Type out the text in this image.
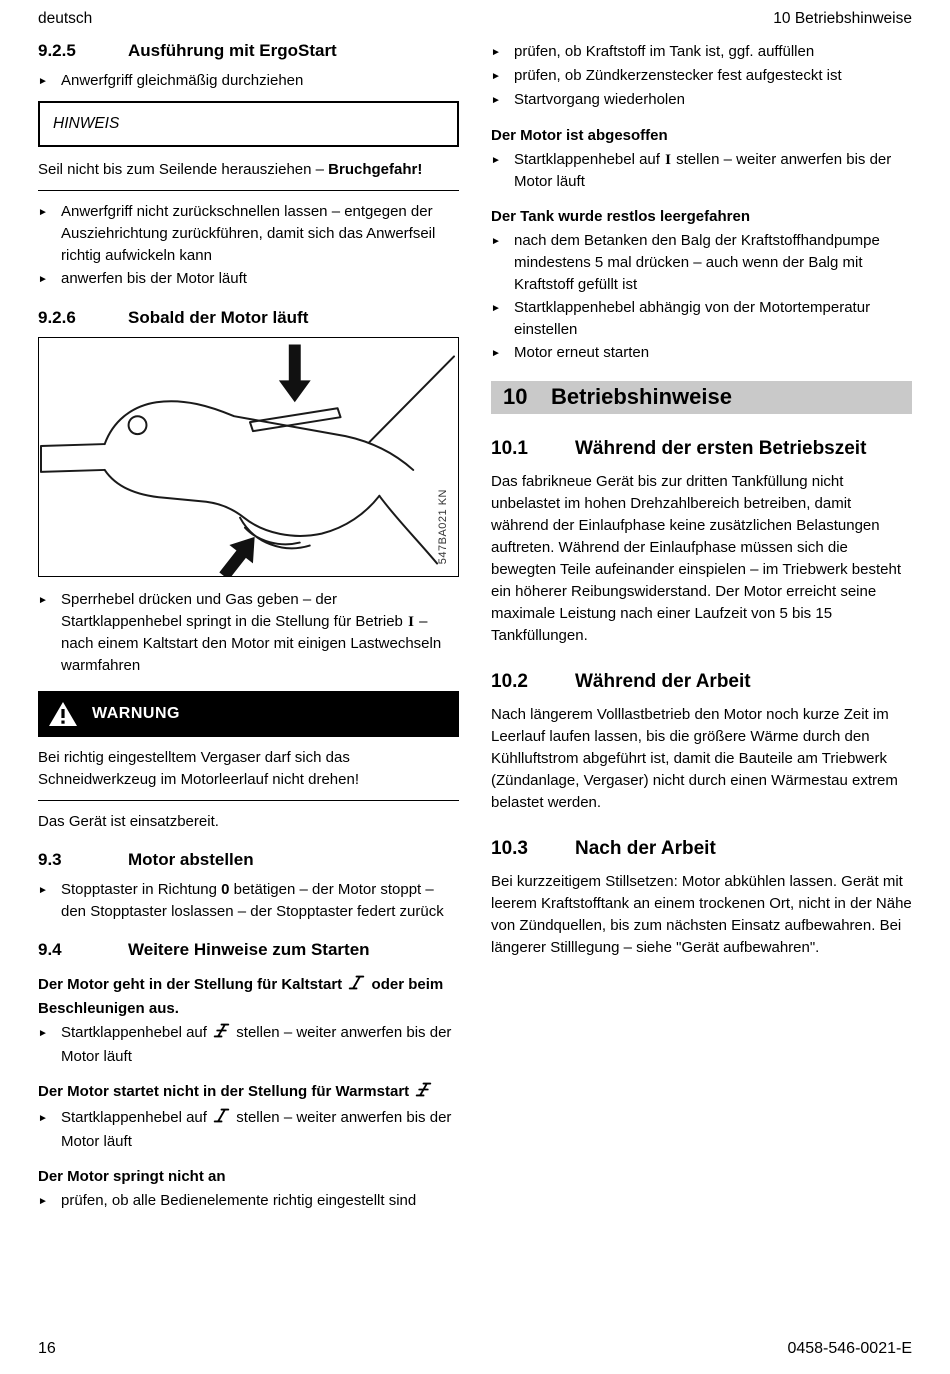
deutsch	10 Betriebshinweise
9.2.5	Ausführung mit ErgoStart
► Anwerfgriff gleichmäßig durchziehen
HINWEIS
Seil nicht bis zum Seilende herausziehen – Bruchgefahr!
► Anwerfgriff nicht zurückschnellen lassen – entgegen der Ausziehrichtung zurückführen, damit sich das Anwerfseil richtig aufwickeln kann
► anwerfen bis der Motor läuft
9.2.6	Sobald der Motor läuft
547BA021 KN
► Sperrhebel drücken und Gas geben – der Startklappenhebel springt in die Stellung für Betrieb I – nach einem Kaltstart den Motor mit einigen Lastwechseln warmfahren
WARNUNG
Bei richtig eingestelltem Vergaser darf sich das Schneidwerkzeug im Motorleerlauf nicht drehen!
Das Gerät ist einsatzbereit.
9.3	Motor abstellen
► Stopptaster in Richtung 0 betätigen – der Motor stoppt – den Stopptaster loslassen – der Stopptaster federt zurück
9.4	Weitere Hinweise zum Starten
Der Motor geht in der Stellung für Kaltstart  oder beim Beschleunigen aus.
► Startklappenhebel auf  stellen – weiter anwerfen bis der Motor läuft
Der Motor startet nicht in der Stellung für Warmstart
► Startklappenhebel auf  stellen – weiter anwerfen bis der Motor läuft
Der Motor springt nicht an
► prüfen, ob alle Bedienelemente richtig eingestellt sind
► prüfen, ob Kraftstoff im Tank ist, ggf. auffüllen
► prüfen, ob Zündkerzenstecker fest aufgesteckt ist
► Startvorgang wiederholen
Der Motor ist abgesoffen
► Startklappenhebel auf I stellen – weiter anwerfen bis der Motor läuft
Der Tank wurde restlos leergefahren
► nach dem Betanken den Balg der Kraftstoffhandpumpe mindestens 5 mal drücken – auch wenn der Balg mit Kraftstoff gefüllt ist
► Startklappenhebel abhängig von der Motortemperatur einstellen
► Motor erneut starten
10	Betriebshinweise
10.1	Während der ersten Betriebszeit
Das fabrikneue Gerät bis zur dritten Tankfüllung nicht unbelastet im hohen Drehzahlbereich betreiben, damit während der Einlaufphase keine zusätzlichen Belastungen auftreten. Während der Einlaufphase müssen sich die bewegten Teile aufeinander einspielen – im Triebwerk besteht ein höherer Reibungswiderstand. Der Motor erreicht seine maximale Leistung nach einer Laufzeit von 5 bis 15 Tankfüllungen.
10.2	Während der Arbeit
Nach längerem Volllastbetrieb den Motor noch kurze Zeit im Leerlauf laufen lassen, bis die größere Wärme durch den Kühlluftstrom abgeführt ist, damit die Bauteile am Triebwerk (Zündanlage, Vergaser) nicht durch einen Wärmestau extrem belastet werden.
10.3	Nach der Arbeit
Bei kurzzeitigem Stillsetzen: Motor abkühlen lassen. Gerät mit leerem Kraftstofftank an einem trockenen Ort, nicht in der Nähe von Zündquellen, bis zum nächsten Einsatz aufbewahren. Bei längerer Stilllegung – siehe "Gerät aufbewahren".
16	0458-546-0021-E
